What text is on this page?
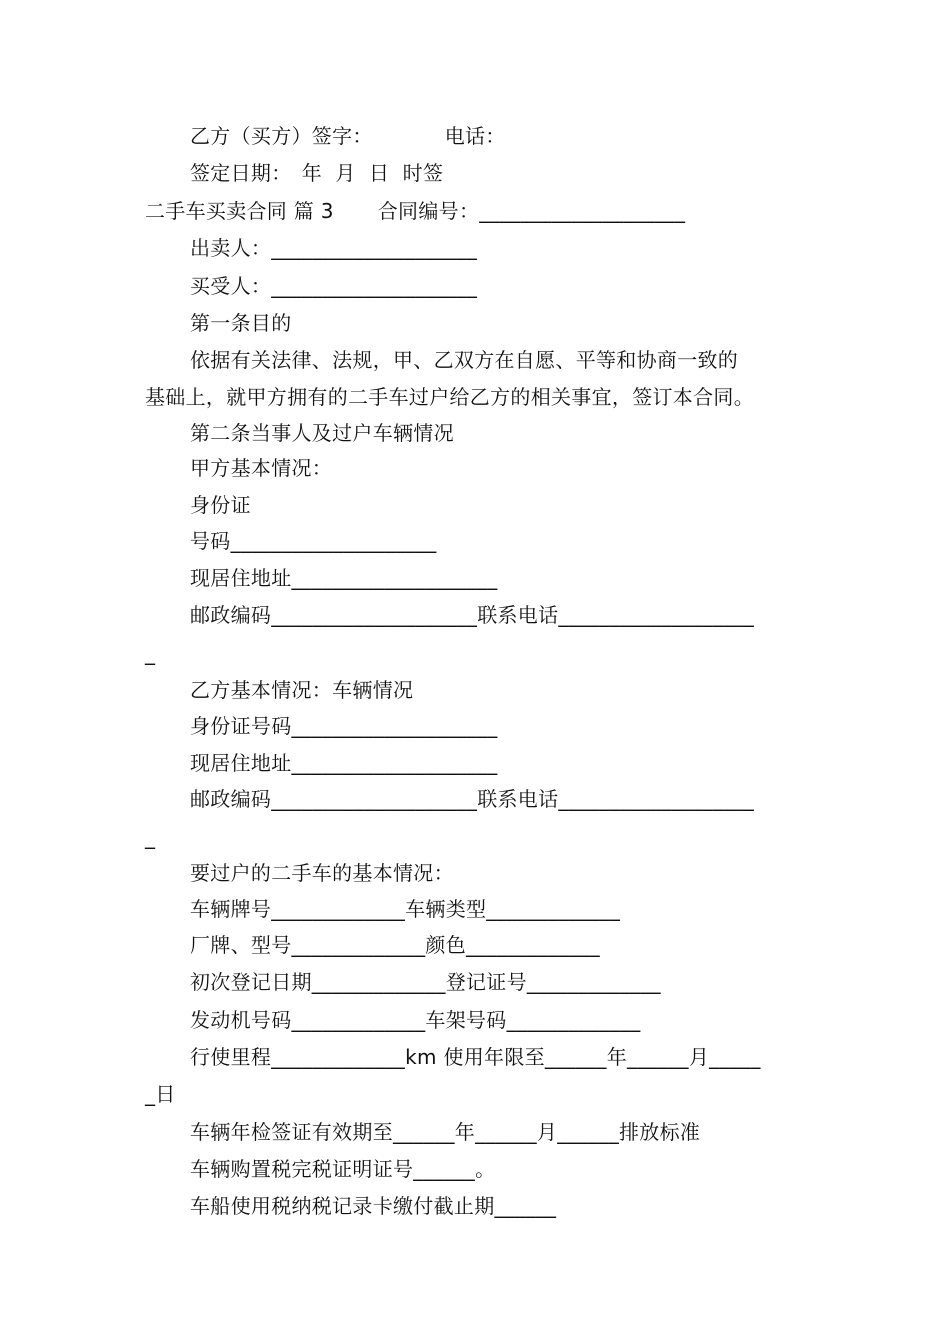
乙方（买方）签字：	电话：
签定日期：　年  月  日  时签
二手车买卖合同 篇 3 合同编号：____________________
出卖人：____________________
买受人：____________________
第一条目的
依据有关法律、法规，甲、乙双方在自愿、平等和协商一致的
基础上，就甲方拥有的二手车过户给乙方的相关事宜，签订本合同。
第二条当事人及过户车辆情况
甲方基本情况：
身份证
号码____________________
现居住地址____________________
邮政编码____________________联系电话___________________
_
乙方基本情况：车辆情况
身份证号码____________________
现居住地址____________________
邮政编码____________________联系电话___________________
_
要过户的二手车的基本情况：
车辆牌号_____________车辆类型_____________
厂牌、型号_____________颜色_____________
初次登记日期_____________登记证号_____________
发动机号码_____________车架号码_____________
行使里程_____________km 使用年限至______年______月_____
_日
车辆年检签证有效期至______年______月______排放标准
车辆购置税完税证明证号______。
车船使用税纳税记录卡缴付截止期______
